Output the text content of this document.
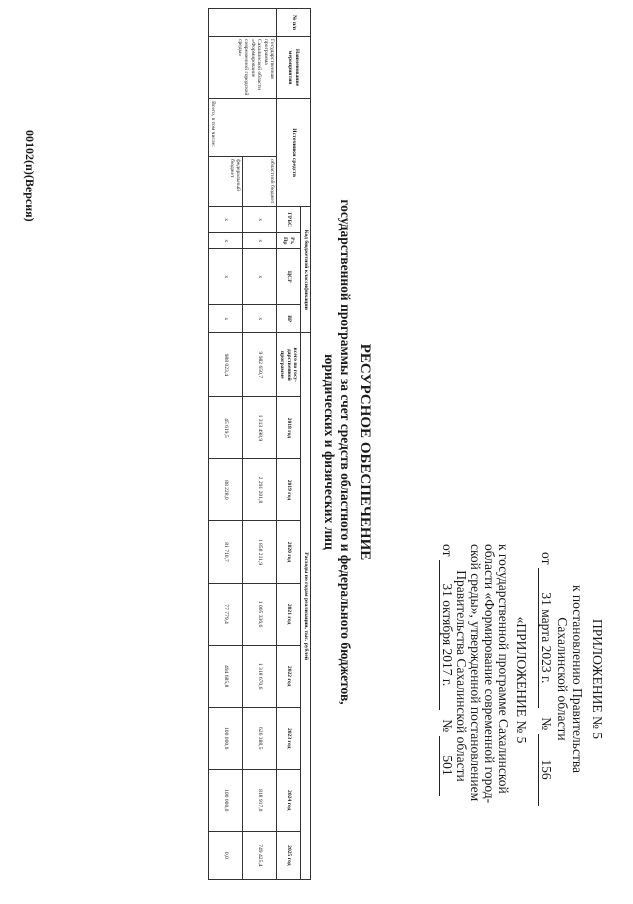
ПРИЛОЖЕНИЕ № 5
к постановлению Правительства
Сахалинской области
от 31 марта 2023 г. № 156
«ПРИЛОЖЕНИЕ № 5
к государственной программе Сахалинской
области «Формирование современной город-
ской среды», утвержденной постановлением
Правительства Сахалинской области
от 31 октября 2017 г. № 501
РЕСУРСНОЕ ОБЕСПЕЧЕНИЕ
государственной программы за счет средств областного и федерального бюджетов,
юридических и физических лиц
№ п/п	Наименование мероприятия	Источники средств		Код бюджетной классификации				Расходы по годам реализации, тыс. рублей								
				ГРБС	Рз, Пр	ЦСР	ВР	всего по госу-дарственной программе	2018 год	2019 год	2020 год	2021 год	2022 год	2023 год	2024 год	2025 год

	Государственная программа Сахалинской области «Формирование современной городской среды»	Всего, в том числе:	областной бюджет	x	x	x	x	9 982 650,7	1 313 498,9	2 291 201,8	1 858 211,9	1 005 336,6	1 318 670,6	626 388,5	818 917,0	749 425,4
			федеральный бюджет	x	x	x	x	988 023,4	45 619,5	88 228,0	81 710,7	77 779,4	494 685,8	100 000,0	100 000,0	0,0
00102(п)(Версия)
